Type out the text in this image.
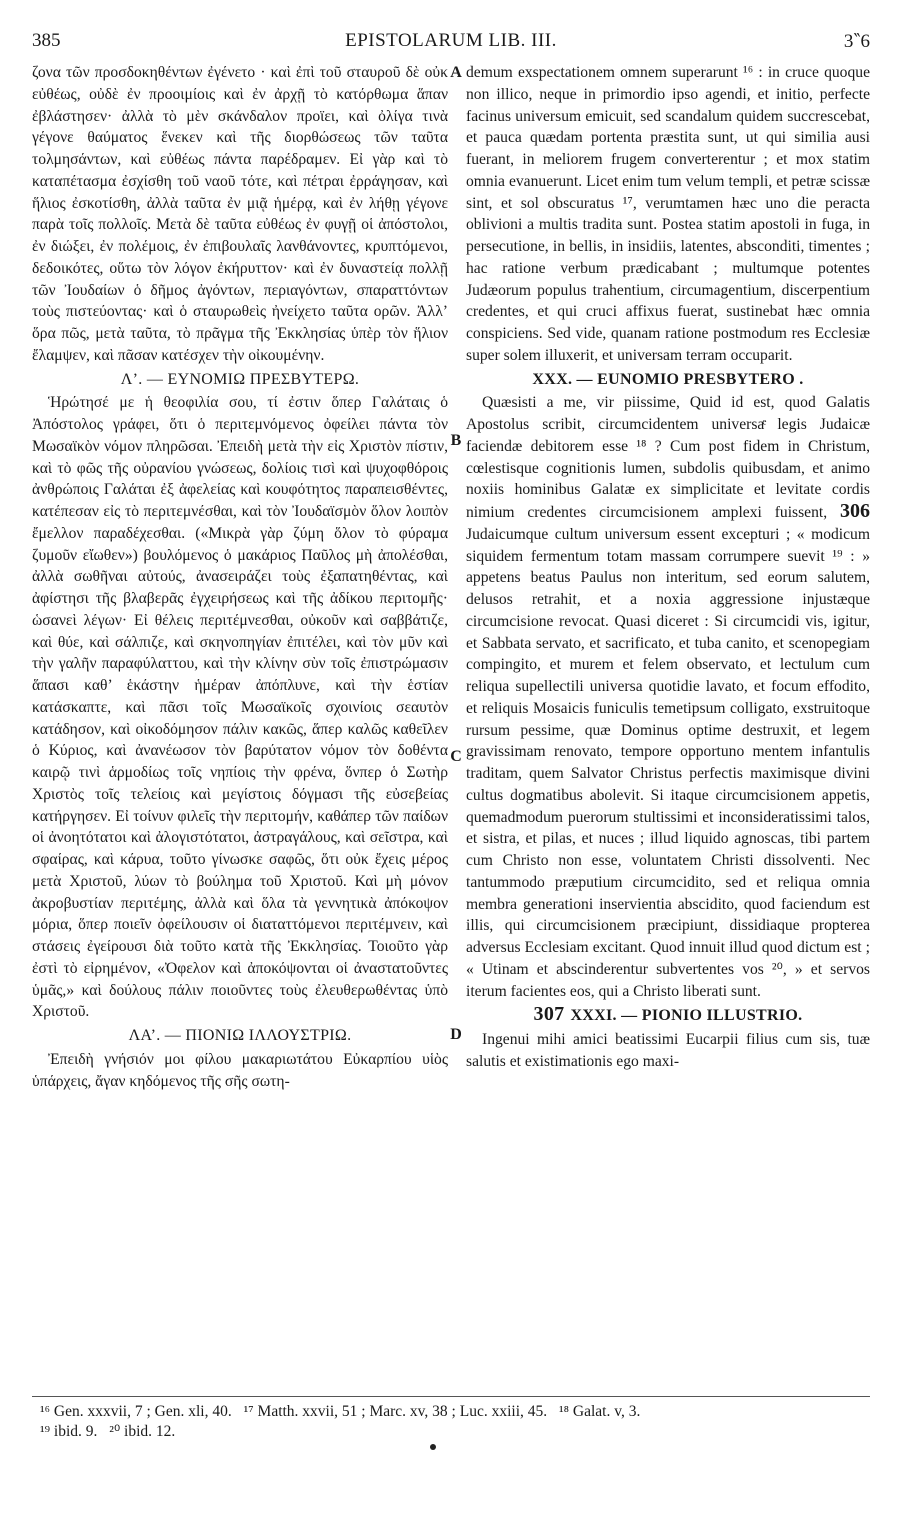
385	EPISTOLARUM LIB. III.	3‶6

ζονα τῶν προσδοκηθέντων ἐγένετο · καὶ ἐπὶ τοῦ σταυροῦ δὲ οὐκ εὐθέως, οὐδὲ ἐν προοιμίοις καὶ ἐν ἀρχῇ τὸ κατόρθωμα ἅπαν ἐβλάστησεν· ἀλλὰ τὸ μὲν σκάνδαλον προϊει, καὶ ὀλίγα τινὰ γέγονε θαύματος ἕνεκεν καὶ τῆς διορθώσεως τῶν ταῦτα τολμησάντων, καὶ εὐθέως πάντα παρέδραμεν. Εἰ γὰρ καὶ τὸ καταπέτασμα ἐσχίσθη τοῦ ναοῦ τότε, καὶ πέτραι ἐρράγησαν, καὶ ἥλιος ἐσκοτίσθη, ἀλλὰ ταῦτα ἐν μιᾷ ἡμέρᾳ, καὶ ἐν λήθῃ γέγονε παρὰ τοῖς πολλοῖς. Μετὰ δὲ ταῦτα εὐθέως ἐν φυγῇ οἱ ἀπόστολοι, ἐν διώξει, ἐν πολέμοις, ἐν ἐπιβουλαῖς λανθάνοντες, κρυπτόμενοι, δεδοικότες, οὕτω τὸν λόγον ἐκήρυττον· καὶ ἐν δυναστείᾳ πολλῇ τῶν Ἰουδαίων ὁ δῆμος ἀγόντων, περιαγόντων, σπαραττόντων τοὺς πιστεύοντας· καὶ ὁ σταυρωθεὶς ἠνείχετο ταῦτα ορῶν. Ἀλλ’ ὅρα πῶς, μετὰ ταῦτα, τὸ πρᾶγμα τῆς Ἐκκλησίας ὑπὲρ τὸν ἥλιον ἔλαμψεν, καὶ πᾶσαν κατέσχεν τὴν οἰκουμένην.

Λ’. — ΕΥΝΟΜΙΩ ΠΡΕΣΒΥΤΕΡΩ.

Ἡρώτησέ με ἡ θεοφιλία σου, τί ἐστιν ὅπερ Γαλάταις ὁ Ἀπόστολος γράφει, ὅτι ὁ περιτεμνόμενος ὀφείλει πάντα τὸν Μωσαϊκὸν νόμον πληρῶσαι. Ἐπειδὴ μετὰ τὴν εἰς Χριστὸν πίστιν, καὶ τὸ φῶς τῆς οὐρανίου γνώσεως, δολίοις τισὶ καὶ ψυχοφθόροις ἀνθρώποις Γαλάται ἐξ ἀφελείας καὶ κουφότητος παραπεισθέντες, κατέπεσαν εἰς τὸ περιτεμνέσθαι, καὶ τὸν Ἰουδαϊσμὸν ὅλον λοιπὸν ἔμελλον παραδέχεσθαι. («Μικρὰ γὰρ ζύμη ὅλον τὸ φύραμα ζυμοῦν εἴωθεν») βουλόμενος ὁ μακάριος Παῦλος μὴ ἀπολέσθαι, ἀλλὰ σωθῆναι αὐτούς, ἀνασειράζει τοὺς ἐξαπατηθέντας, καὶ ἀφίστησι τῆς βλαβερᾶς ἐγχειρήσεως καὶ τῆς ἀδίκου περιτομῆς· ὡσανεὶ λέγων· Εἰ θέλεις περιτέμνεσθαι, οὐκοῦν καὶ σαββάτιζε, καὶ θύε, καὶ σάλπιζε, καὶ σκηνοπηγίαν ἐπιτέλει, καὶ τὸν μῦν καὶ τὴν γαλῆν παραφύλαττου, καὶ τὴν κλίνην σὺν τοῖς ἐπιστρώμασιν ἅπασι καθ’ ἑκάστην ἡμέραν ἀπόπλυνε, καὶ τὴν ἑστίαν κατάσκαπτε, καὶ πᾶσι τοῖς Μωσαϊκοῖς σχοινίοις σεαυτὸν κατάδησον, καὶ οἰκοδόμησον πάλιν κακῶς, ἅπερ καλῶς καθεῖλεν ὁ Κύριος, καὶ ἀνανέωσον τὸν βαρύτατον νόμον τὸν δοθέντα καιρῷ τινὶ ἁρμοδίως τοῖς νηπίοις τὴν φρένα, ὅνπερ ὁ Σωτὴρ Χριστὸς τοῖς τελείοις καὶ μεγίστοις δόγμασι τῆς εὐσεβείας κατήργησεν. Εἰ τοίνυν φιλεῖς τὴν περιτομήν, καθάπερ τῶν παίδων οἱ ἀνοητότατοι καὶ ἀλογιστότατοι, ἀστραγάλους, καὶ σεῖστρα, καὶ σφαίρας, καὶ κάρυα, τοῦτο γίνωσκε σαφῶς, ὅτι οὐκ ἔχεις μέρος μετὰ Χριστοῦ, λύων τὸ βούλημα τοῦ Χριστοῦ. Καὶ μὴ μόνον ἀκροβυστίαν περιτέμης, ἀλλὰ καὶ ὅλα τὰ γεννητικὰ ἀπόκοψον μόρια, ὅπερ ποιεῖν ὀφείλουσιν οἱ διαταττόμενοι περιτέμνειν, καὶ στάσεις ἐγείρουσι διὰ τοῦτο κατὰ τῆς Ἐκκλησίας. Τοιοῦτο γὰρ ἐστὶ τὸ εἰρημένον, «Ὀφελον καὶ ἀποκόψονται οἱ ἀναστατοῦντες ὑμᾶς,» καὶ δούλους πάλιν ποιοῦντες τοὺς ἐλευθερωθέντας ὑπὸ Χριστοῦ.

ΛΑ’. — ΠΙΟΝΙΩ ΙΛΛΟΥΣΤΡΙΩ.

Ἐπειδὴ γνήσιόν μοι φίλου μακαριωτάτου Εὐκαρπίου υἱὸς ὑπάρχεις, ἄγαν κηδόμενος τῆς σῆς σωτη-

A
B
C
D

demum exspectationem omnem superarunt ¹⁶ : in cruce quoque non illico, neque in primordio ipso agendi, et initio, perfecte facinus universum emicuit, sed scandalum quidem succrescebat, et pauca quædam portenta præstita sunt, ut qui similia ausi fuerant, in meliorem frugem converterentur ; et mox statim omnia evanuerunt. Licet enim tum velum templi, et petræ scissæ sint, et sol obscuratus ¹⁷, verumtamen hæc uno die peracta oblivioni a multis tradita sunt. Postea statim apostoli in fuga, in persecutione, in bellis, in insidiis, latentes, absconditi, timentes ; hac ratione verbum prædicabant ; multumque potentes Judæorum populus trahentium, circumagentium, discerpentium credentes, et qui cruci affixus fuerat, sustinebat hæc omnia conspiciens. Sed vide, quanam ratione postmodum res Ecclesiæ super solem illuxerit, et universam terram occuparit.

XXX. — EUNOMIO PRESBYTERO .

Quæsisti a me, vir piissime, Quid id est, quod Galatis Apostolus scribit, circumcidentem universaͤ legis Judaicæ faciendæ debitorem esse ¹⁸ ? Cum post fidem in Christum, cœlestisque cognitionis lumen, subdolis quibusdam, et animo noxiis hominibus Galatæ ex simplicitate et levitate cordis nimium credentes circumcisionem amplexi fuissent, 306 Judaicumque cultum universum essent excepturi ; « modicum siquidem fermentum totam massam corrumpere suevit ¹⁹ : » appetens beatus Paulus non interitum, sed eorum salutem, delusos retrahit, et a noxia aggressione injustæque circumcisione revocat. Quasi diceret : Si circumcidi vis, igitur, et Sabbata servato, et sacrificato, et tuba canito, et scenopegiam compingito, et murem et felem observato, et lectulum cum reliqua supellectili universa quotidie lavato, et focum effodito, et reliquis Mosaicis funiculis temetipsum colligato, exstruitoque rursum pessime, quæ Dominus optime destruxit, et legem gravissimam renovato, tempore opportuno mentem infantulis traditam, quem Salvator Christus perfectis maximisque divini cultus dogmatibus abolevit. Si itaque circumcisionem appetis, quemadmodum puerorum stultissimi et inconsideratissimi talos, et sistra, et pilas, et nuces ; illud liquido agnoscas, tibi partem cum Christo non esse, voluntatem Christi dissolventi. Nec tantummodo præputium circumcidito, sed et reliqua omnia membra generationi inservientia abscidito, quod faciendum est illis, qui circumcisionem præcipiunt, dissidiaque propterea adversus Ecclesiam excitant. Quod innuit illud quod dictum est ; « Utinam et abscinderentur subvertentes vos ²⁰, » et servos iterum facientes eos, qui a Christo liberati sunt.

307 XXXI. — PIONIO ILLUSTRIO.

Ingenui mihi amici beatissimi Eucarpii filius cum sis, tuæ salutis et existimationis ego maxi-

¹⁶ Gen. xxxvii, 7 ; Gen. xli, 40. ¹⁷ Matth. xxvii, 51 ; Marc. xv, 38 ; Luc. xxiii, 45. ¹⁸ Galat. v, 3.
¹⁹ ibid. 9. ²⁰ ibid. 12.
